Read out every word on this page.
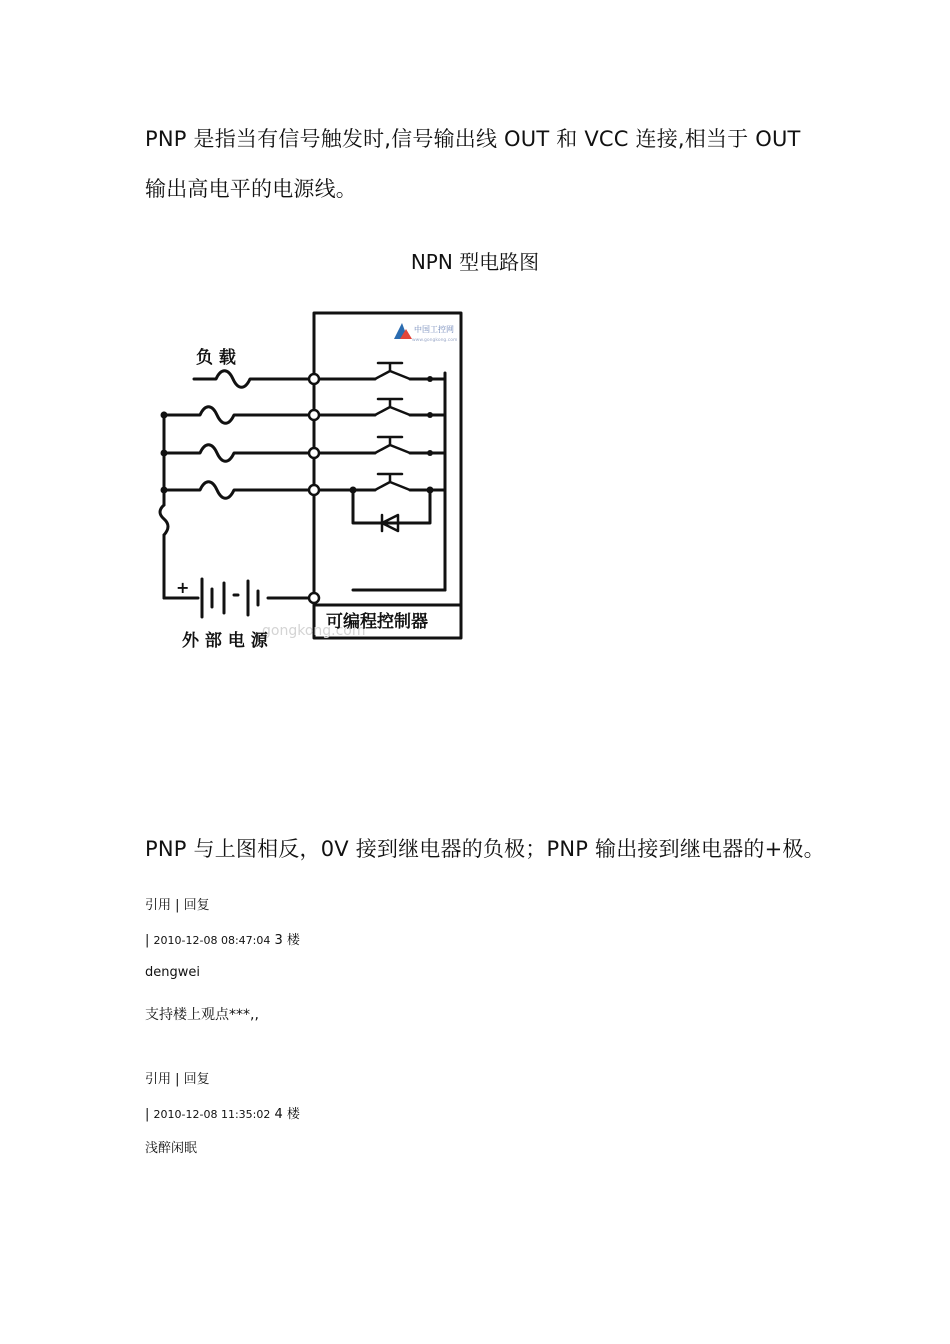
PNP 是指当有信号触发时,信号输出线 OUT 和 VCC 连接,相当于 OUT
输出高电平的电源线。
NPN 型电路图
中国工控网
www.gongkong.com
gongkong.com
负 载
+
可编程控制器
外 部 电 源
PNP 与上图相反，0V 接到继电器的负极；PNP 输出接到继电器的+极。
引用 | 回复
| 2010-12-08 08:47:04 3 楼
dengwei
支持楼上观点***,,
引用 | 回复
| 2010-12-08 11:35:02 4 楼
浅醉闲眠
